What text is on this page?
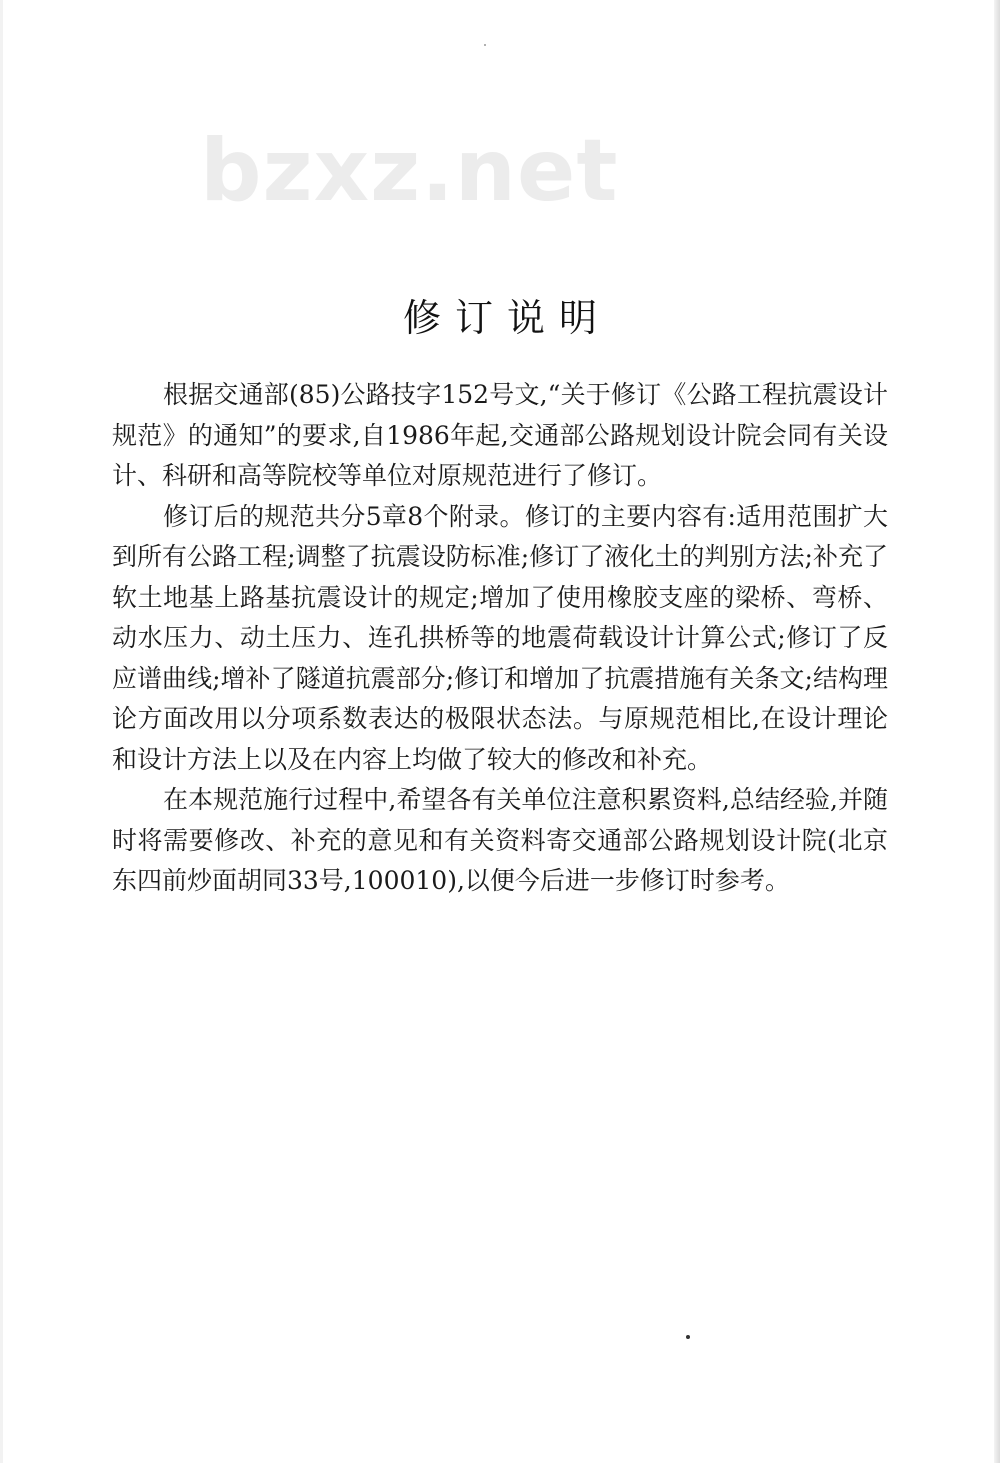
bzxz.net
修订说明

根据交通部(85)公路技字152号文,“关于修订《公路工程抗震设计规范》的通知”的要求,自1986年起,交通部公路规划设计院会同有关设计、科研和高等院校等单位对原规范进行了修订。

修订后的规范共分5章8个附录。修订的主要内容有:适用范围扩大到所有公路工程;调整了抗震设防标准;修订了液化土的判别方法;补充了软土地基上路基抗震设计的规定;增加了使用橡胶支座的梁桥、弯桥、动水压力、动土压力、连孔拱桥等的地震荷载设计计算公式;修订了反应谱曲线;增补了隧道抗震部分;修订和增加了抗震措施有关条文;结构理论方面改用以分项系数表达的极限状态法。与原规范相比,在设计理论和设计方法上以及在内容上均做了较大的修改和补充。

在本规范施行过程中,希望各有关单位注意积累资料,总结经验,并随时将需要修改、补充的意见和有关资料寄交通部公路规划设计院(北京东四前炒面胡同33号,100010),以便今后进一步修订时参考。
